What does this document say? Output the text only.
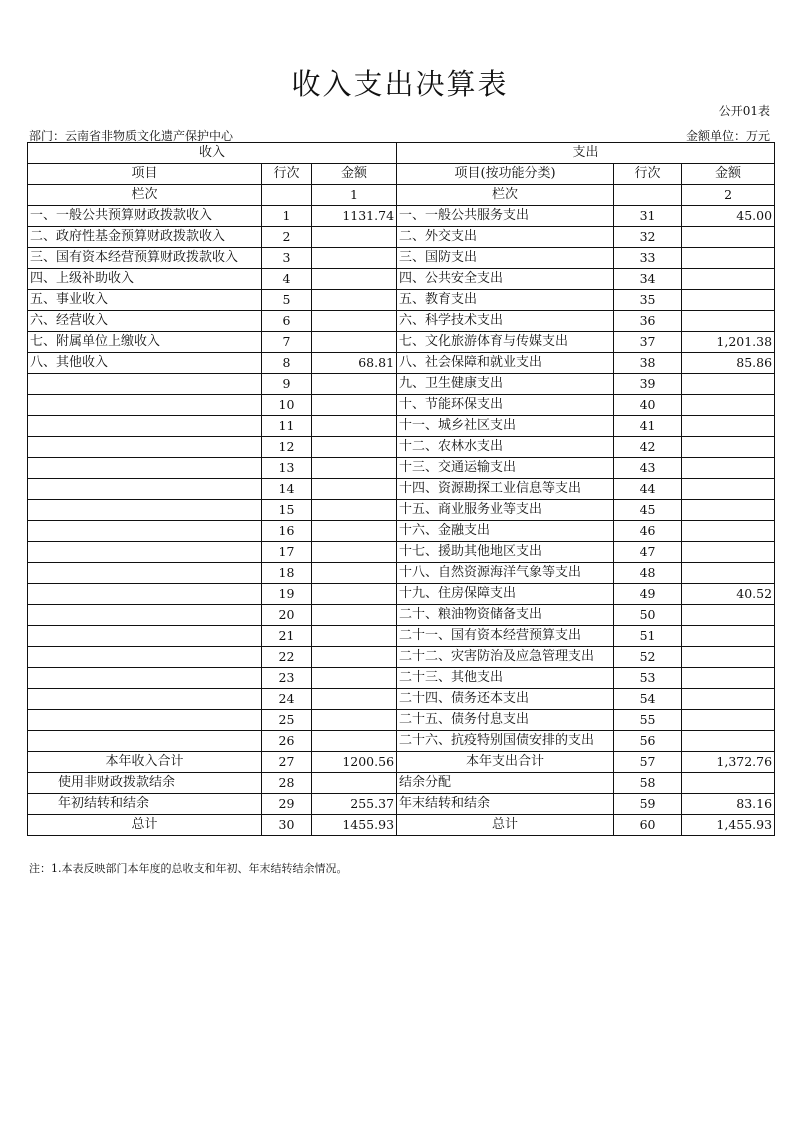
收入支出决算表
公开01表
部门：云南省非物质文化遗产保护中心	金额单位：万元
收入			支出		
项目	行次	金额	项目(按功能分类)	行次	金额
栏次		1	栏次		2
一、一般公共预算财政拨款收入	1	1131.74	一、一般公共服务支出	31	45.00
二、政府性基金预算财政拨款收入	2		二、外交支出	32	
三、国有资本经营预算财政拨款收入	3		三、国防支出	33	
四、上级补助收入	4		四、公共安全支出	34	
五、事业收入	5		五、教育支出	35	
六、经营收入	6		六、科学技术支出	36	
七、附属单位上缴收入	7		七、文化旅游体育与传媒支出	37	1,201.38
八、其他收入	8	68.81	八、社会保障和就业支出	38	85.86
	9		九、卫生健康支出	39	
	10		十、节能环保支出	40	
	11		十一、城乡社区支出	41	
	12		十二、农林水支出	42	
	13		十三、交通运输支出	43	
	14		十四、资源勘探工业信息等支出	44	
	15		十五、商业服务业等支出	45	
	16		十六、金融支出	46	
	17		十七、援助其他地区支出	47	
	18		十八、自然资源海洋气象等支出	48	
	19		十九、住房保障支出	49	40.52
	20		二十、粮油物资储备支出	50	
	21		二十一、国有资本经营预算支出	51	
	22		二十二、灾害防治及应急管理支出	52	
	23		二十三、其他支出	53	
	24		二十四、债务还本支出	54	
	25		二十五、债务付息支出	55	
	26		二十六、抗疫特别国债安排的支出	56	
本年收入合计	27	1200.56	本年支出合计	57	1,372.76
使用非财政拨款结余	28		结余分配	58	
年初结转和结余	29	255.37	年末结转和结余	59	83.16
总计	30	1455.93	总计	60	1,455.93
注：1.本表反映部门本年度的总收支和年初、年末结转结余情况。
